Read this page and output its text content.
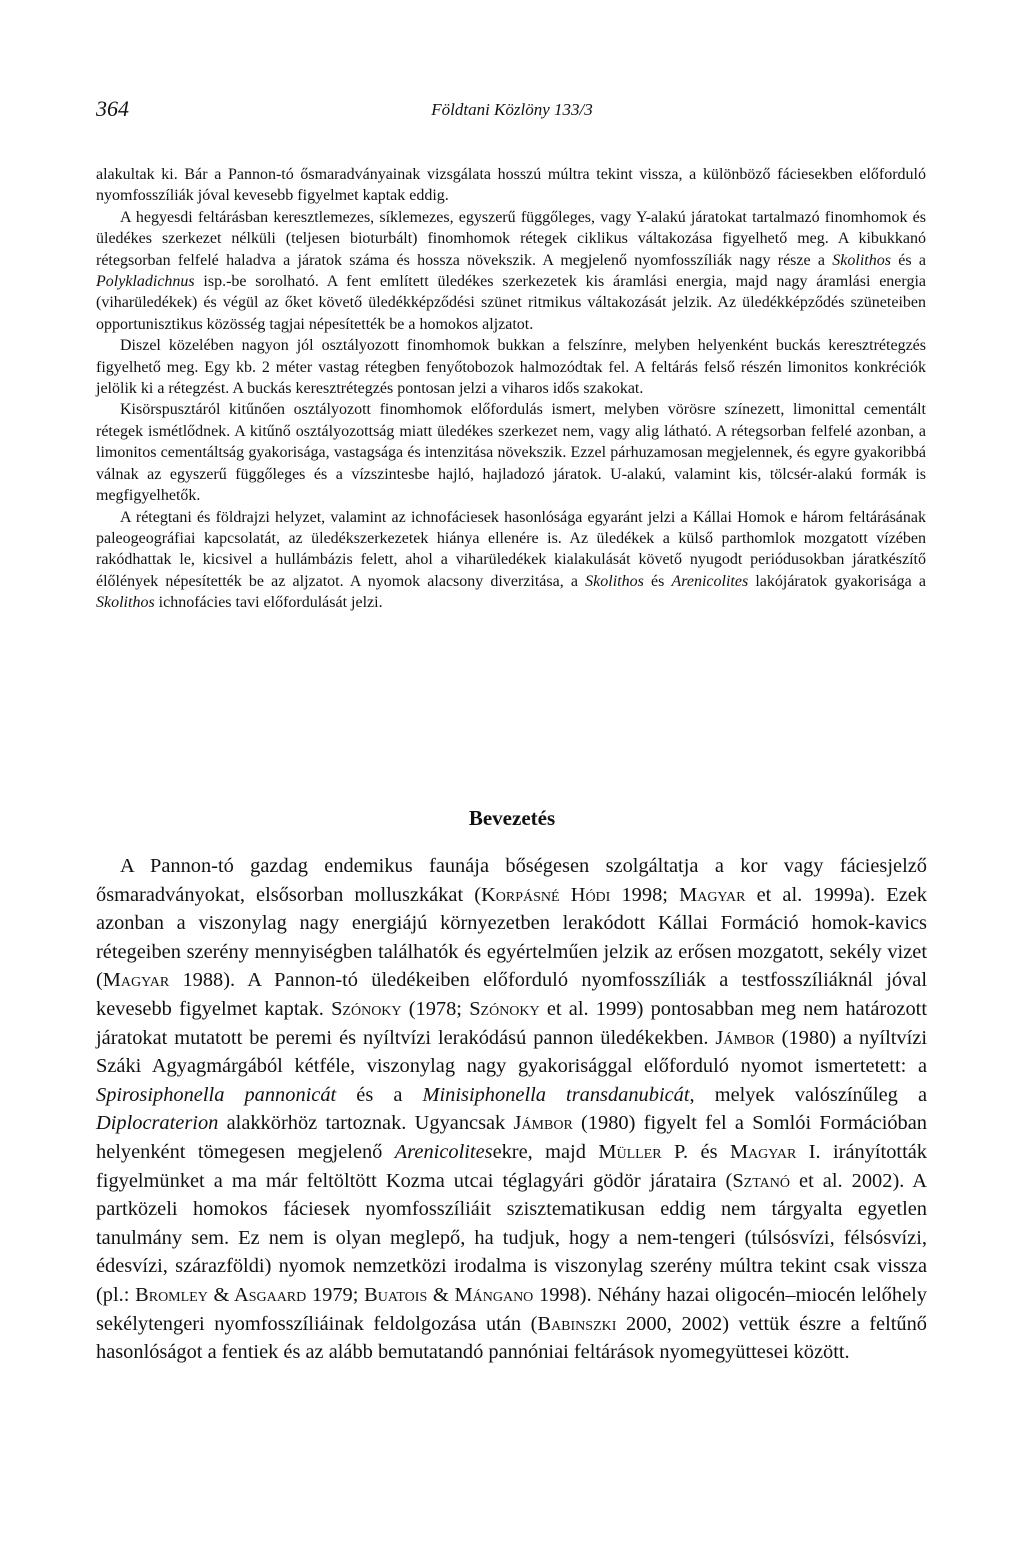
364	Földtani Közlöny 133/3

alakultak ki. Bár a Pannon-tó ősmaradványainak vizsgálata hosszú múltra tekint vissza, a különböző fáciesekben előforduló nyomfosszíliák jóval kevesebb figyelmet kaptak eddig.

A hegyesdi feltárásban keresztlemezes, síklemezes, egyszerű függőleges, vagy Y-alakú járatokat tartalmazó finomhomok és üledékes szerkezet nélküli (teljesen bioturbált) finomhomok rétegek ciklikus váltakozása figyelhető meg. A kibukkanó rétegsorban felfelé haladva a járatok száma és hossza növekszik. A megjelenő nyomfosszíliák nagy része a Skolithos és a Polykladichnus isp.-be sorolható. A fent említett üledékes szerkezetek kis áramlási energia, majd nagy áramlási energia (viharüledékek) és végül az őket követő üledékképződési szünet ritmikus váltakozását jelzik. Az üledékképződés szüneteiben opportunisztikus közösség tagjai népesítették be a homokos aljzatot.

Diszel közelében nagyon jól osztályozott finomhomok bukkan a felszínre, melyben helyenként buckás keresztrétegzés figyelhető meg. Egy kb. 2 méter vastag rétegben fenyőtobozok halmozódtak fel. A feltárás felső részén limonitos konkréciók jelölik ki a rétegzést. A buckás keresztrétegzés pontosan jelzi a viharos idős szakokat.

Kisörspusztáról kitűnően osztályozott finomhomok előfordulás ismert, melyben vörösre színezett, limonittal cementált rétegek ismétlődnek. A kitűnő osztályozottság miatt üledékes szerkezet nem, vagy alig látható. A rétegsorban felfelé azonban, a limonitos cementáltság gyakorisága, vastagsága és intenzitása növekszik. Ezzel párhuzamosan megjelennek, és egyre gyakoribbá válnak az egyszerű függőleges és a vízszintesbe hajló, hajladozó járatok. U-alakú, valamint kis, tölcsér-alakú formák is megfigyelhetők.

A rétegtani és földrajzi helyzet, valamint az ichnofáciesek hasonlósága egyaránt jelzi a Kállai Homok e három feltárásának paleogeográfiai kapcsolatát, az üledékszerkezetek hiánya ellenére is. Az üledékek a külső parthomlok mozgatott vízében rakódhattak le, kicsivel a hullámbázis felett, ahol a viharüledékek kialakulását követő nyugodt periódusokban járatkészítő élőlények népesítették be az aljzatot. A nyomok alacsony diverzitása, a Skolithos és Arenicolites lakójáratok gyakorisága a Skolithos ichnofácies tavi előfordulását jelzi.

Bevezetés

A Pannon-tó gazdag endemikus faunája bőségesen szolgáltatja a kor vagy fáciesjelző ősmaradványokat, elsősorban molluszkákat (Korpásné Hódi 1998; Magyar et al. 1999a). Ezek azonban a viszonylag nagy energiájú környezetben lerakódott Kállai Formáció homok-kavics rétegeiben szerény mennyiségben találhatók és egyértelműen jelzik az erősen mozgatott, sekély vizet (Magyar 1988). A Pannon-tó üledékeiben előforduló nyomfosszíliák a testfosszíliáknál jóval kevesebb figyelmet kaptak. Szónoky (1978; Szónoky et al. 1999) pontosabban meg nem határozott járatokat mutatott be peremi és nyíltvízi lerakódású pannon üledékekben. Jámbor (1980) a nyíltvízi Száki Agyagmárgából kétféle, viszonylag nagy gyakorisággal előforduló nyomot ismertetett: a Spirosiphonella pannonicát és a Minisiphonella transdanubicát, melyek valószínűleg a Diplocraterion alakkörhöz tartoznak. Ugyancsak Jámbor (1980) figyelt fel a Somlói Formációban helyenként tömegesen megjelenő Arenicolitesekre, majd Müller P. és Magyar I. irányították figyelmünket a ma már feltöltött Kozma utcai téglagyári gödör járataira (Sztanó et al. 2002). A partközeli homokos fáciesek nyomfosszíliáit szisztematikusan eddig nem tárgyalta egyetlen tanulmány sem. Ez nem is olyan meglepő, ha tudjuk, hogy a nem-tengeri (túlsósvízi, félsósvízi, édesvízi, szárazföldi) nyomok nemzetközi irodalma is viszonylag szerény múltra tekint csak vissza (pl.: Bromley & Asgaard 1979; Buatois & Mángano 1998). Néhány hazai oligocén–miocén lelőhely sekélytengeri nyomfosszíliáinak feldolgozása után (Babinszki 2000, 2002) vettük észre a feltűnő hasonlóságot a fentiek és az alább bemutatandó pannóniai feltárások nyomegyüttesei között.
